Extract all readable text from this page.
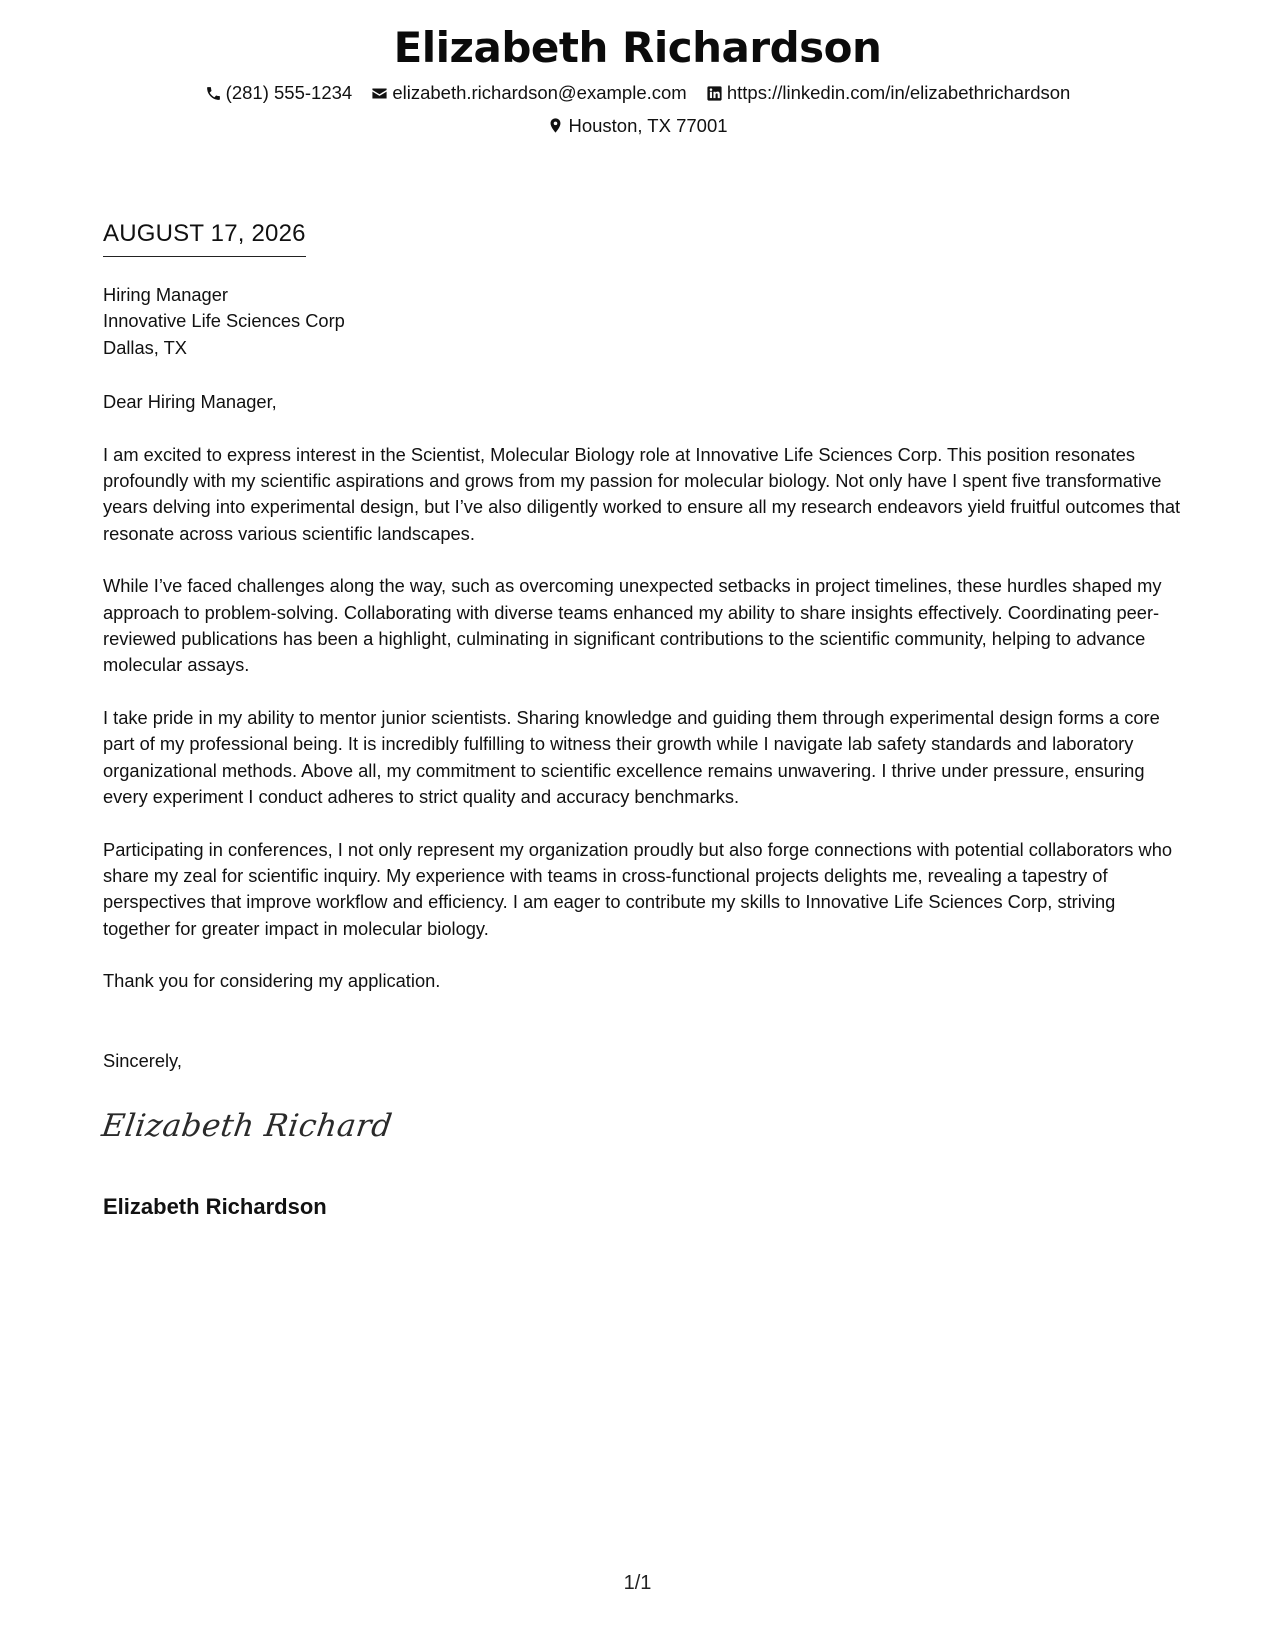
Elizabeth Richardson
(281) 555-1234
elizabeth.richardson@example.com
https://linkedin.com/in/elizabethrichardson
Houston, TX 77001
AUGUST 17, 2026
Hiring Manager
Innovative Life Sciences Corp
Dallas, TX
Dear Hiring Manager,
I am excited to express interest in the Scientist, Molecular Biology role at Innovative Life Sciences Corp. This position resonates profoundly with my scientific aspirations and grows from my passion for molecular biology. Not only have I spent five transformative years delving into experimental design, but I’ve also diligently worked to ensure all my research endeavors yield fruitful outcomes that resonate across various scientific landscapes.
While I’ve faced challenges along the way, such as overcoming unexpected setbacks in project timelines, these hurdles shaped my approach to problem-solving. Collaborating with diverse teams enhanced my ability to share insights effectively. Coordinating peer-reviewed publications has been a highlight, culminating in significant contributions to the scientific community, helping to advance molecular assays.
I take pride in my ability to mentor junior scientists. Sharing knowledge and guiding them through experimental design forms a core part of my professional being. It is incredibly fulfilling to witness their growth while I navigate lab safety standards and laboratory organizational methods. Above all, my commitment to scientific excellence remains unwavering. I thrive under pressure, ensuring every experiment I conduct adheres to strict quality and accuracy benchmarks.
Participating in conferences, I not only represent my organization proudly but also forge connections with potential collaborators who share my zeal for scientific inquiry. My experience with teams in cross-functional projects delights me, revealing a tapestry of perspectives that improve workflow and efficiency. I am eager to contribute my skills to Innovative Life Sciences Corp, striving together for greater impact in molecular biology.
Thank you for considering my application.
Sincerely,
Elizabeth Richard
Elizabeth Richardson
1/1
